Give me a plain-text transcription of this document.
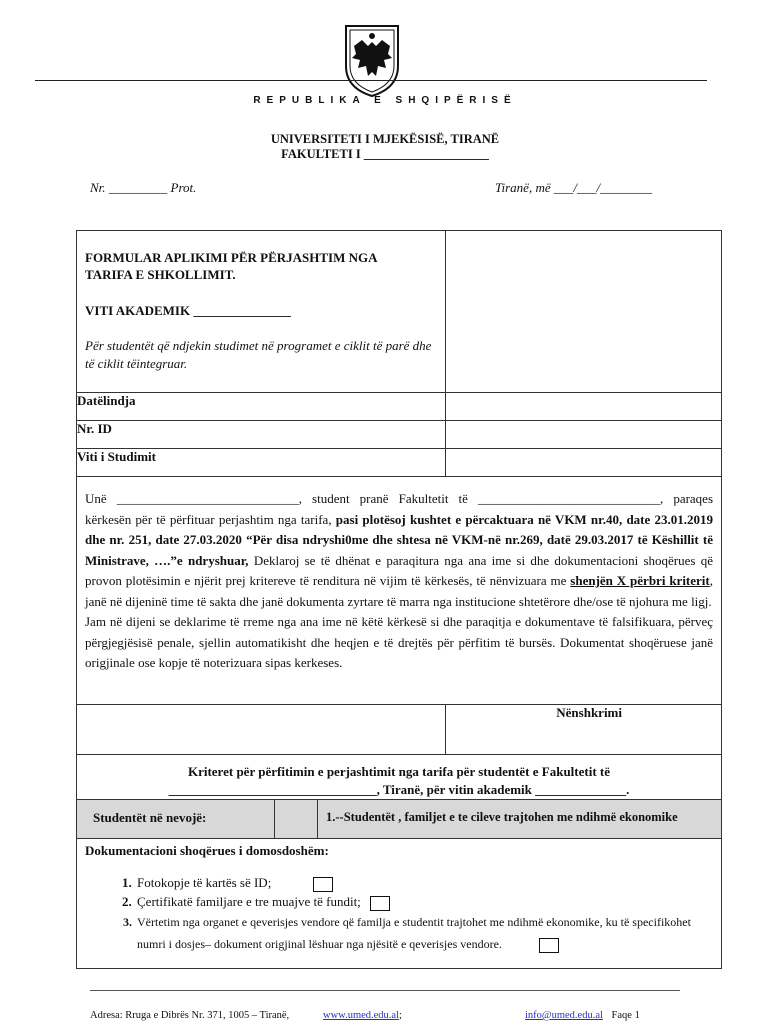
REPUBLIKA E SHQIPËRISË
UNIVERSITETI I MJEKËSISË, TIRANË
FAKULTETI I ____________________
Nr. _________ Prot.	Tiranë, më ___/___/________
FORMULAR APLIKIMI PËR PËRJASHTIM NGA
TARIFA E SHKOLLIMIT.
VITI AKADEMIK _______________
Për studentët që ndjekin studimet në programet e ciklit të parë dhe të ciklit tëintegruar.

Datëlindja	
Nr. ID	
Viti i Studimit	

Unë ____________________________, student pranë Fakultetit të ____________________________, paraqes kërkesën për të përfituar perjashtim nga tarifa, pasi plotësoj kushtet e përcaktuara në VKM nr.40, date 23.01.2019 dhe nr. 251, date 27.03.2020 “Për disa ndryshi0me dhe shtesa në VKM-në nr.269, datë 29.03.2017 të Këshillit të Ministrave, ….”e ndryshuar, Deklaroj se të dhënat e paraqitura nga ana ime si dhe dokumentacioni shoqërues që provon plotësimin e njërit prej kritereve të renditura në vijim të kërkesës, të nënvizuara me shenjën X përbri kriterit, janë në dijeninë time të sakta dhe janë dokumenta zyrtare të marra nga institucione shtetërore dhe/ose të njohura me ligj.
Jam në dijeni se deklarime të rreme nga ana ime në këtë kërkesë si dhe paraqitja e dokumentave të falsifikuara, përveç përgjegjësisë penale, sjellin automatikisht dhe heqjen e të drejtës për përfitim të bursës. Dokumentat shoqëruese janë origjinale ose kopje të noterizuara sipas kerkeses.

	Nënshkrimi

Kriteret për përfitimin e perjashtimit nga tarifa për studentët e Fakultetit të
________________________________, Tiranë, për vitin akademik ______________.

Studentët në nevojë:		1.--Studentët , familjet e te cileve trajtohen me ndihmë ekonomike

Dokumentacioni shoqërues i domosdoshëm:
1. Fotokopje të kartës së ID;
2. Çertifikatë familjare e tre muajve të fundit;
3. Vërtetim nga organet e qeverisjes vendore që familja e studentit trajtohet me ndihmë ekonomike, ku të specifikohet numri i dosjes– dokument origjinal lëshuar nga njësitë e qeverisjes vendore.
Adresa: Rruga e Dibrës Nr. 371, 1005 – Tiranë,	www.umed.edu.al;	info@umed.edu.al Faqe 1
